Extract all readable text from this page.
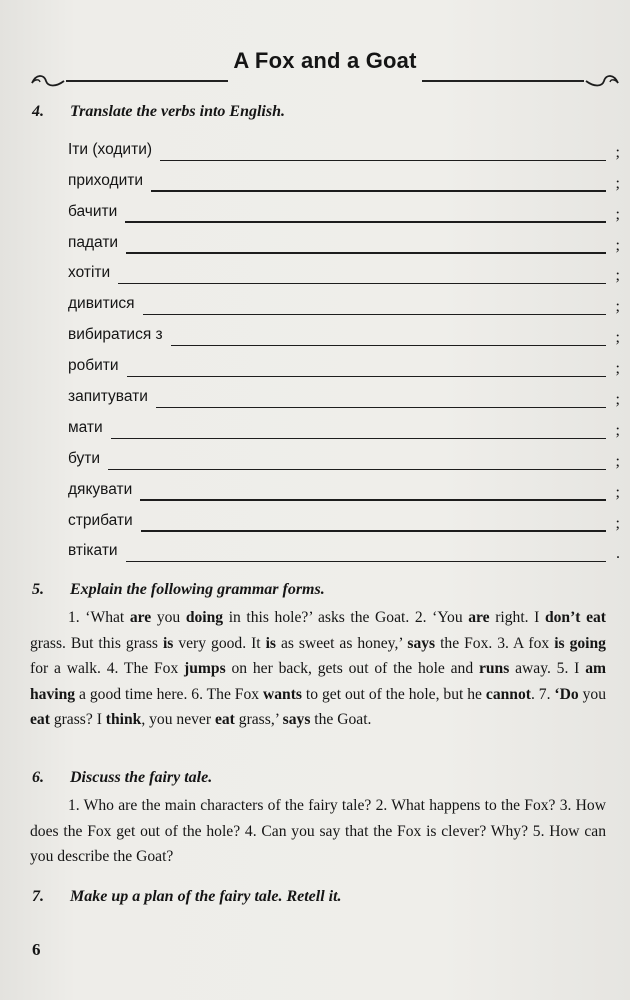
A Fox and a Goat
4. Translate the verbs into English.
Іти (ходити)	;
приходити	;
бачити	;
падати	;
хотіти	;
дивитися	;
вибиратися з	;
робити	;
запитувати	;
мати	;
бути	;
дякувати	;
стрибати	;
втікати	.
5. Explain the following grammar forms.
1. ‘What are you doing in this hole?’ asks the Goat. 2. ‘You are right. I don’t eat grass. But this grass is very good. It is as sweet as honey,’ says the Fox. 3. A fox is going for a walk. 4. The Fox jumps on her back, gets out of the hole and runs away. 5. I am having a good time here. 6. The Fox wants to get out of the hole, but he cannot. 7. ‘Do you eat grass? I think, you never eat grass,’ says the Goat.
6. Discuss the fairy tale.
1. Who are the main characters of the fairy tale? 2. What happens to the Fox? 3. How does the Fox get out of the hole? 4. Can you say that the Fox is clever? Why? 5. How can you describe the Goat?
7. Make up a plan of the fairy tale. Retell it.
6
